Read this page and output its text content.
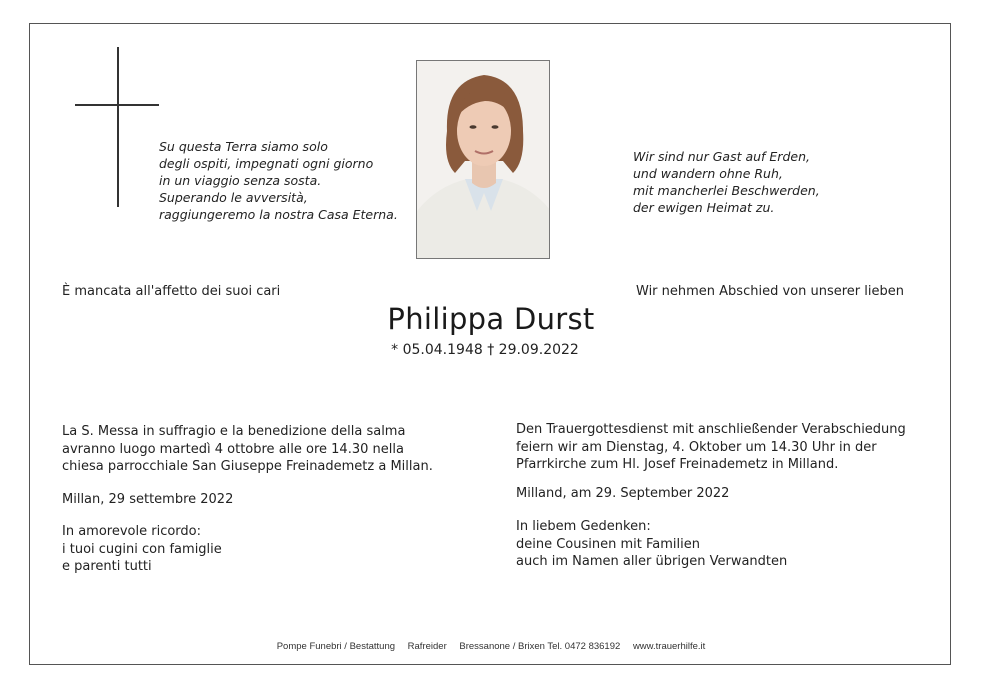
Su questa Terra siamo solo
degli ospiti, impegnati ogni giorno
in un viaggio senza sosta.
Superando le avversità,
raggiungeremo la nostra Casa Eterna.
Wir sind nur Gast auf Erden,
und wandern ohne Ruh,
mit mancherlei Beschwerden,
der ewigen Heimat zu.
È mancata all'affetto dei suoi cari	Wir nehmen Abschied von unserer lieben
Philippa Durst
* 05.04.1948 † 29.09.2022
La S. Messa in suffragio e la benedizione della salma
avranno luogo martedì 4 ottobre alle ore 14.30 nella
chiesa parrocchiale San Giuseppe Freinademetz a Millan.
Millan, 29 settembre 2022
In amorevole ricordo:
i tuoi cugini con famiglie
e parenti tutti
Den Trauergottesdienst mit anschließender Verabschiedung
feiern wir am Dienstag, 4. Oktober um 14.30 Uhr in der
Pfarrkirche zum Hl. Josef Freinademetz in Milland.
Milland, am 29. September 2022
In liebem Gedenken:
deine Cousinen mit Familien
auch im Namen aller übrigen Verwandten
Pompe Funebri / Bestattung Rafreider Bressanone / Brixen Tel. 0472 836192 www.trauerhilfe.it
